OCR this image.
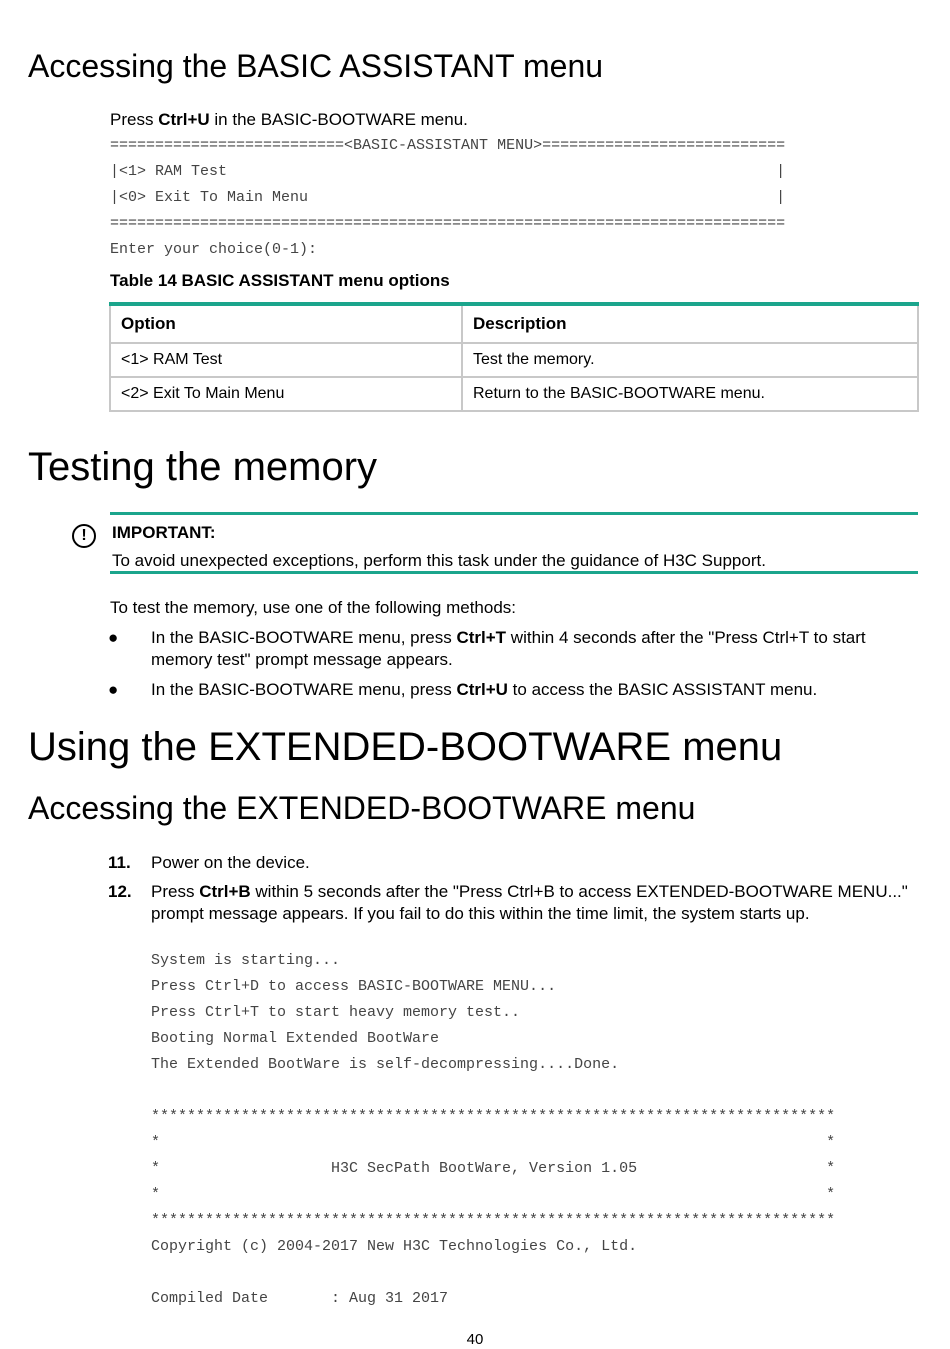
Accessing the BASIC ASSISTANT menu
Press Ctrl+U in the BASIC-BOOTWARE menu.
==========================<BASIC-ASSISTANT MENU>===========================
|<1> RAM Test                                                             |
|<0> Exit To Main Menu                                                    |
===========================================================================
Enter your choice(0-1):
Table 14 BASIC ASSISTANT menu options
Option	Description
<1> RAM Test	Test the memory.
<2> Exit To Main Menu	Return to the BASIC-BOOTWARE menu.
Testing the memory
!	IMPORTANT:
To avoid unexpected exceptions, perform this task under the guidance of H3C Support.
To test the memory, use one of the following methods:
● In the BASIC-BOOTWARE menu, press Ctrl+T within 4 seconds after the "Press Ctrl+T to start memory test" prompt message appears.
● In the BASIC-BOOTWARE menu, press Ctrl+U to access the BASIC ASSISTANT menu.
Using the EXTENDED-BOOTWARE menu
Accessing the EXTENDED-BOOTWARE menu
11. Power on the device.
12. Press Ctrl+B within 5 seconds after the "Press Ctrl+B to access EXTENDED-BOOTWARE MENU..." prompt message appears. If you fail to do this within the time limit, the system starts up.
System is starting...
Press Ctrl+D to access BASIC-BOOTWARE MENU...
Press Ctrl+T to start heavy memory test..
Booting Normal Extended BootWare
The Extended BootWare is self-decompressing....Done.
****************************************************************************
*                                                                          *
*                   H3C SecPath BootWare, Version 1.05                     *
*                                                                          *
****************************************************************************
Copyright (c) 2004-2017 New H3C Technologies Co., Ltd.
Compiled Date       : Aug 31 2017
40
